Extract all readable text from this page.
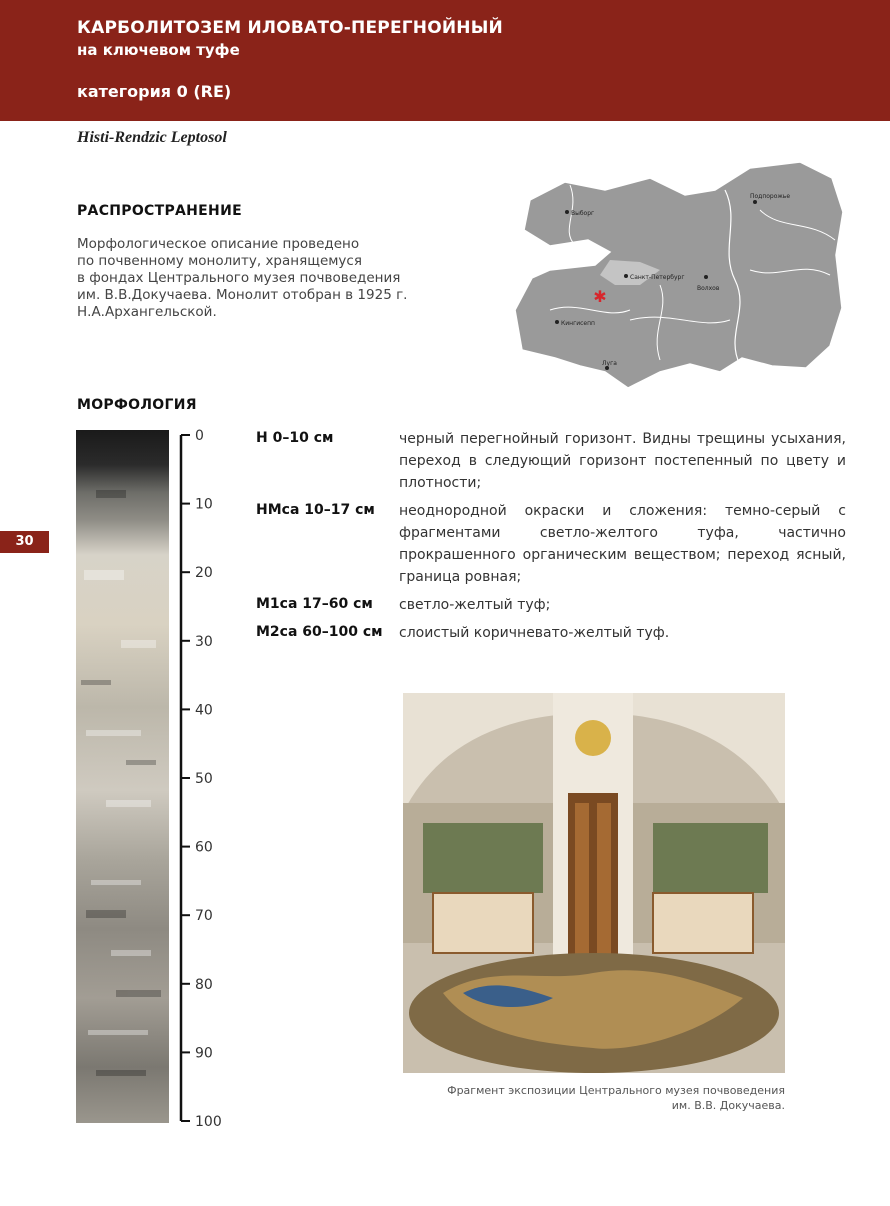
КАРБОЛИТОЗЕМ ИЛОВАТО-ПЕРЕГНОЙНЫЙ
на ключевом туфе
категория 0 (RE)
Histi-Rendzic Leptosol
РАСПРОСТРАНЕНИЕ
Морфологическое описание проведено
по почвенному монолиту, хранящемуся
в фондах Центрального музея почвоведения
им. В.В.Докучаева. Монолит отобран в 1925 г.
Н.А.Архангельской.
Выборг
Подпорожье
Санкт-Петербург
Волхов
Кингисепп
Луга
✱
30
МОРФОЛОГИЯ
0
10
20
30
40
50
60
70
80
90
100
H 0–10 см	черный перегнойный горизонт. Видны трещины усыхания, переход в следующий горизонт постепенный по цвету и плотности;
HMca 10–17 см неоднородной окраски и сложения: темно-серый с фрагментами светло-желтого туфа, частично прокрашенного органическим веществом; переход ясный, граница ровная;
M1ca 17–60 см светло-желтый туф;
M2ca 60–100 см слоистый коричневато-желтый туф.
Фрагмент экспозиции Центрального музея почвоведения
им. В.В. Докучаева.
